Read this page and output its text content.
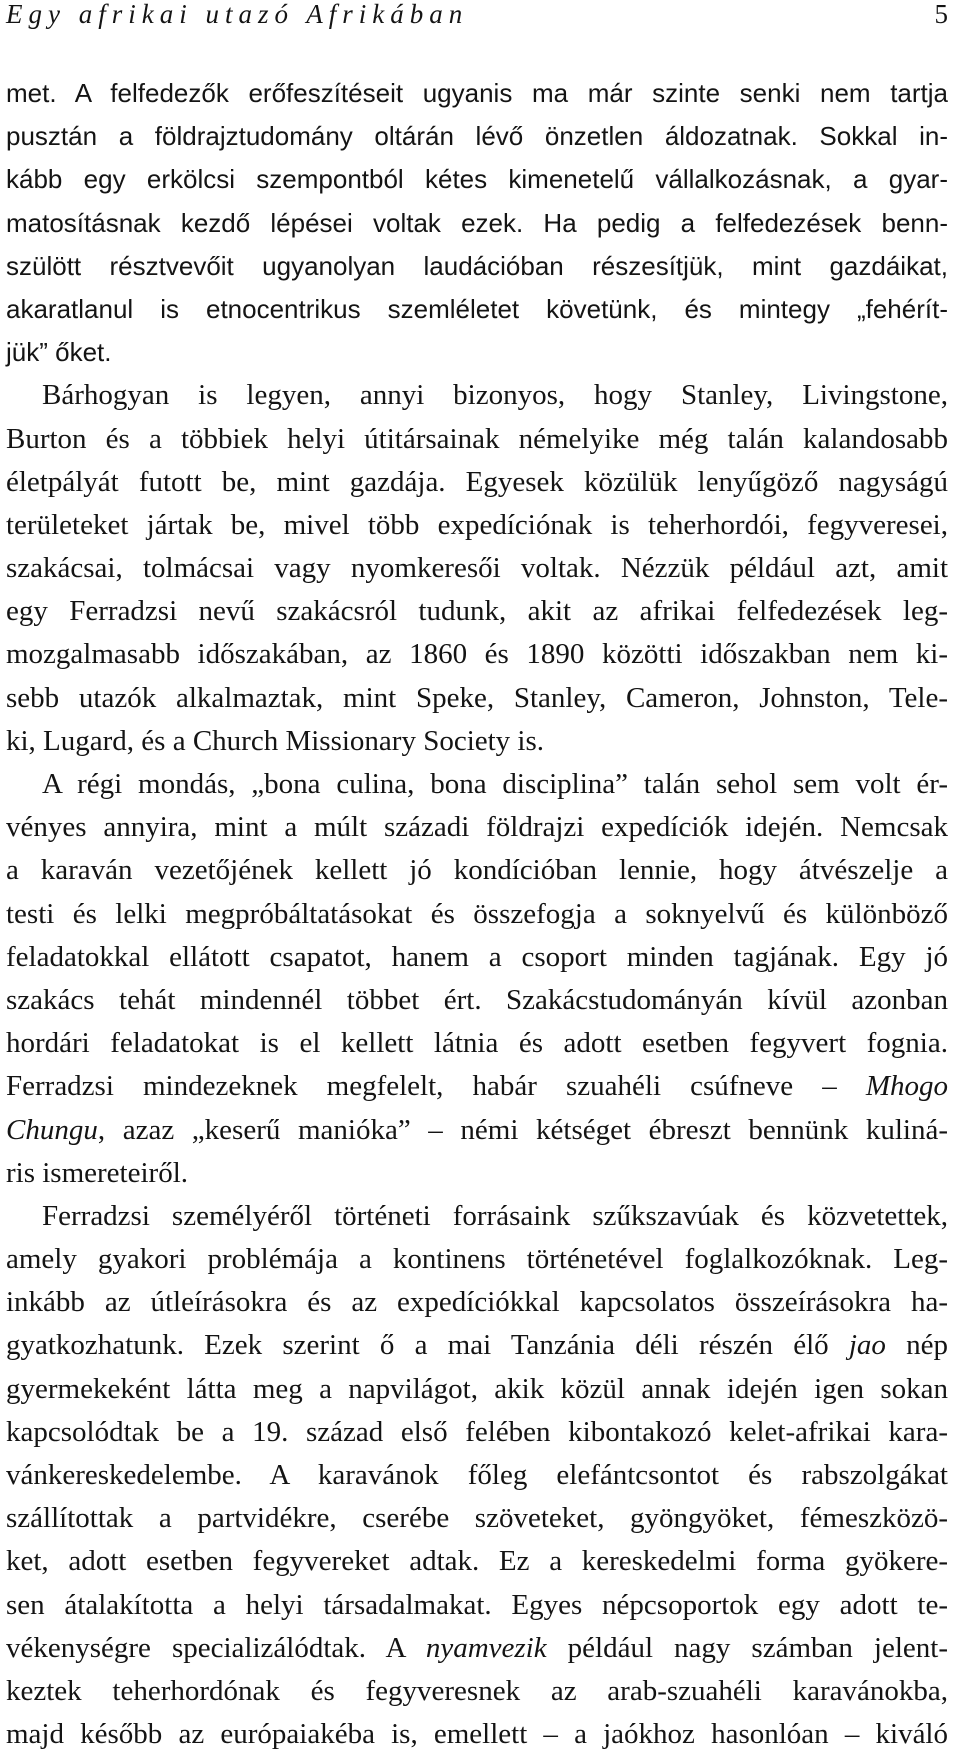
Egy afrikai utazó Afrikában	5
met. A felfedezők erőfeszítéseit ugyanis ma már szinte senki nem tartja
pusztán a földrajztudomány oltárán lévő önzetlen áldozatnak. Sokkal in-
kább egy erkölcsi szempontból kétes kimenetelű vállalkozásnak, a gyar-
matosításnak kezdő lépései voltak ezek. Ha pedig a felfedezések benn-
szülött résztvevőit ugyanolyan laudációban részesítjük, mint gazdáikat,
akaratlanul is etnocentrikus szemléletet követünk, és mintegy „fehérít-
jük” őket.
Bárhogyan is legyen, annyi bizonyos, hogy Stanley, Livingstone,
Burton és a többiek helyi útitársainak némelyike még talán kalandosabb
életpályát futott be, mint gazdája. Egyesek közülük lenyűgöző nagyságú
területeket jártak be, mivel több expedíciónak is teherhordói, fegyveresei,
szakácsai, tolmácsai vagy nyomkeresői voltak. Nézzük például azt, amit
egy Ferradzsi nevű szakácsról tudunk, akit az afrikai felfedezések leg-
mozgalmasabb időszakában, az 1860 és 1890 közötti időszakban nem ki-
sebb utazók alkalmaztak, mint Speke, Stanley, Cameron, Johnston, Tele-
ki, Lugard, és a Church Missionary Society is.
A régi mondás, „bona culina, bona disciplina” talán sehol sem volt ér-
vényes annyira, mint a múlt századi földrajzi expedíciók idején. Nemcsak
a karaván vezetőjének kellett jó kondícióban lennie, hogy átvészelje a
testi és lelki megpróbáltatásokat és összefogja a soknyelvű és különböző
feladatokkal ellátott csapatot, hanem a csoport minden tagjának. Egy jó
szakács tehát mindennél többet ért. Szakácstudományán kívül azonban
hordári feladatokat is el kellett látnia és adott esetben fegyvert fognia.
Ferradzsi mindezeknek megfelelt, habár szuahéli csúfneve – Mhogo
Chungu, azaz „keserű manióka” – némi kétséget ébreszt bennünk kuliná-
ris ismereteiről.
Ferradzsi személyéről történeti forrásaink szűkszavúak és közvetettek,
amely gyakori problémája a kontinens történetével foglalkozóknak. Leg-
inkább az útleírásokra és az expedíciókkal kapcsolatos összeírásokra ha-
gyatkozhatunk. Ezek szerint ő a mai Tanzánia déli részén élő jao nép
gyermekeként látta meg a napvilágot, akik közül annak idején igen sokan
kapcsolódtak be a 19. század első felében kibontakozó kelet-afrikai kara-
vánkereskedelembe. A karavánok főleg elefántcsontot és rabszolgákat
szállítottak a partvidékre, cserébe szöveteket, gyöngyöket, fémeszközö-
ket, adott esetben fegyvereket adtak. Ez a kereskedelmi forma gyökere-
sen átalakította a helyi társadalmakat. Egyes népcsoportok egy adott te-
vékenységre specializálódtak. A nyamvezik például nagy számban jelent-
keztek teherhordónak és fegyveresnek az arab-szuahéli karavánokba,
majd később az európaiakéba is, emellett – a jaókhoz hasonlóan – kiváló
